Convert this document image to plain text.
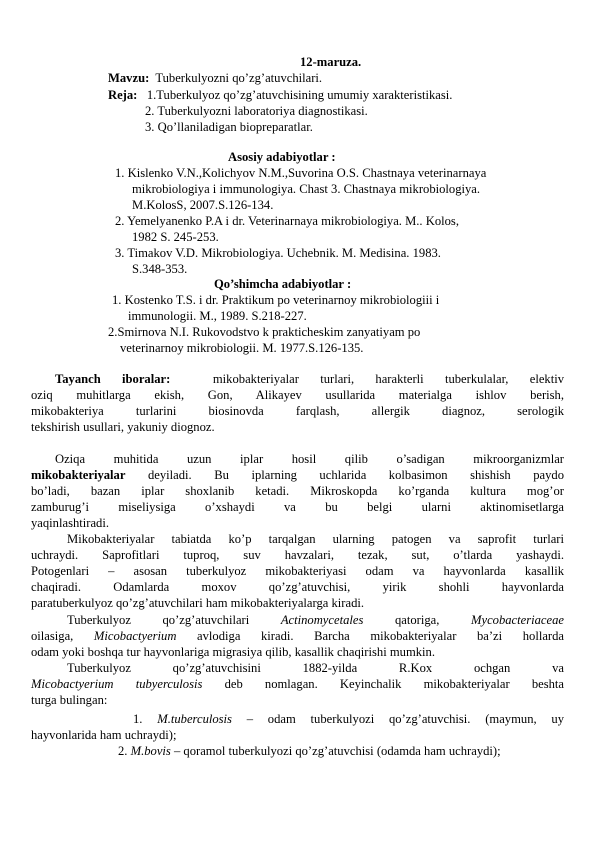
12-maruza.
Mavzu: Tuberkulyozni qo’zg’atuvchilari.
Reja: 1.Tuberkulyoz qo’zg’atuvchisining umumiy xarakteristikasi.
2. Tuberkulyozni laboratoriya diagnostikasi.
3. Qo’llaniladigan biopreparatlar.
Asosiy adabiyotlar :
1. Kislenko V.N.,Kolichyov N.M.,Suvorina O.S. Chastnaya veterinarnaya
mikrobiologiya i immunologiya. Chast 3. Chastnaya mikrobiologiya.
M.KolosS, 2007.S.126-134.
2. Yemelyanenko P.A i dr. Veterinarnaya mikrobiologiya. M.. Kolos,
1982 S. 245-253.
3. Timakov V.D. Mikrobiologiya. Uchebnik. M. Medisina. 1983.
S.348-353.
Qo’shimcha adabiyotlar :
1. Kostenko T.S. i dr. Praktikum po veterinarnoy mikrobiologiii i
immunologii. M., 1989. S.218-227.
2.Smirnova N.I. Rukovodstvo k prakticheskim zanyatiyam po
veterinarnoy mikrobiologii. M. 1977.S.126-135.
Tayanch iboralar:	mikobakteriyalar turlari, harakterli tuberkulalar, elektiv
oziq muhitlarga ekish, Gon, Alikayev usullarida materialga ishlov berish,
mikobakteriya turlarini biosinovda farqlash, allergik diagnoz, serologik
tekshirish usullari, yakuniy diognoz.
Oziqa muhitida uzun iplar hosil qilib o’sadigan mikroorganizmlar
mikobakteriyalar deyiladi. Bu iplarning uchlarida kolbasimon shishish paydo
bo’ladi, bazan iplar shoxlanib ketadi. Mikroskopda ko’rganda kultura mog’or
zamburug’i miseliysiga o’xshaydi va bu belgi ularni aktinomisetlarga
yaqinlashtiradi.
Mikobakteriyalar tabiatda ko’p tarqalgan ularning patogen va saprofit turlari
uchraydi. Saprofitlari tuproq, suv havzalari, tezak, sut, o’tlarda yashaydi.
Potogenlari – asosan tuberkulyoz mikobakteriyasi odam va hayvonlarda kasallik
chaqiradi. Odamlarda moxov qo’zg’atuvchisi, yirik shohli hayvonlarda
paratuberkulyoz qo’zg’atuvchilari ham mikobakteriyalarga kiradi.
Tuberkulyoz qo’zg’atuvchilari Actinomycetales qatoriga, Mycobacteriaceae
oilasiga, Micobactyerium avlodiga kiradi. Barcha mikobakteriyalar ba’zi hollarda
odam yoki boshqa tur hayvonlariga migrasiya qilib, kasallik chaqirishi mumkin.
Tuberkulyoz qo’zg’atuvchisini 1882-yilda R.Kox ochgan va
Micobactyerium tubyerculosis deb nomlagan. Keyinchalik mikobakteriyalar beshta
turga bulingan:
1. M.tuberculosis – odam tuberkulyozi qo’zg’atuvchisi. (maymun, uy
hayvonlarida ham uchraydi);
2. M.bovis – qoramol tuberkulyozi qo’zg’atuvchisi (odamda ham uchraydi);
